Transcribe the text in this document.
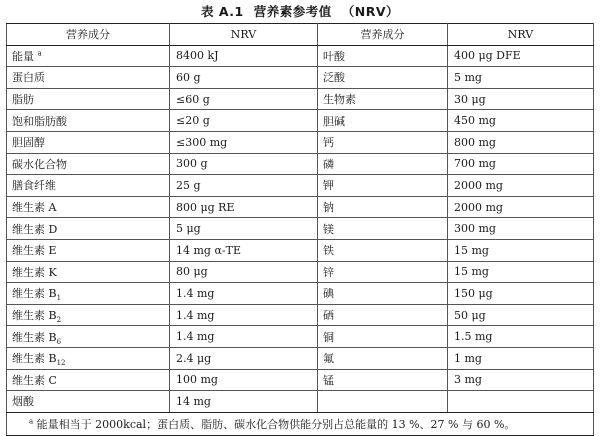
表 A.1 营养素参考值 （NRV）
营养成分	NRV	营养成分	NRV
能量 $^a$	8400 kJ	叶酸	400 μg DFE
蛋白质	60 g	泛酸	5 mg
脂肪	≤60 g	生物素	30 μg
饱和脂肪酸	≤20 g	胆碱	450 mg
胆固醇	≤300 mg	钙	800 mg
碳水化合物	300 g	磷	700 mg
膳食纤维	25 g	钾	2000 mg
维生素 A	800 μg RE	钠	2000 mg
维生素 D	5 μg	镁	300 mg
维生素 E	14 mg α-TE	铁	15 mg
维生素 K	80 μg	锌	15 mg
维生素 $B_1$	1.4 mg	碘	150 μg
维生素 $B_2$	1.4 mg	硒	50 μg
维生素 $B_6$	1.4 mg	铜	1.5 mg
维生素 $B_{12}$	2.4 μg	氟	1 mg
维生素 C	100 mg	锰	3 mg
烟酸	14 mg		
$^a$ 能量相当于 2000kcal；蛋白质、脂肪、碳水化合物供能分别占总能量的 13 %、27 % 与 60 %。			
